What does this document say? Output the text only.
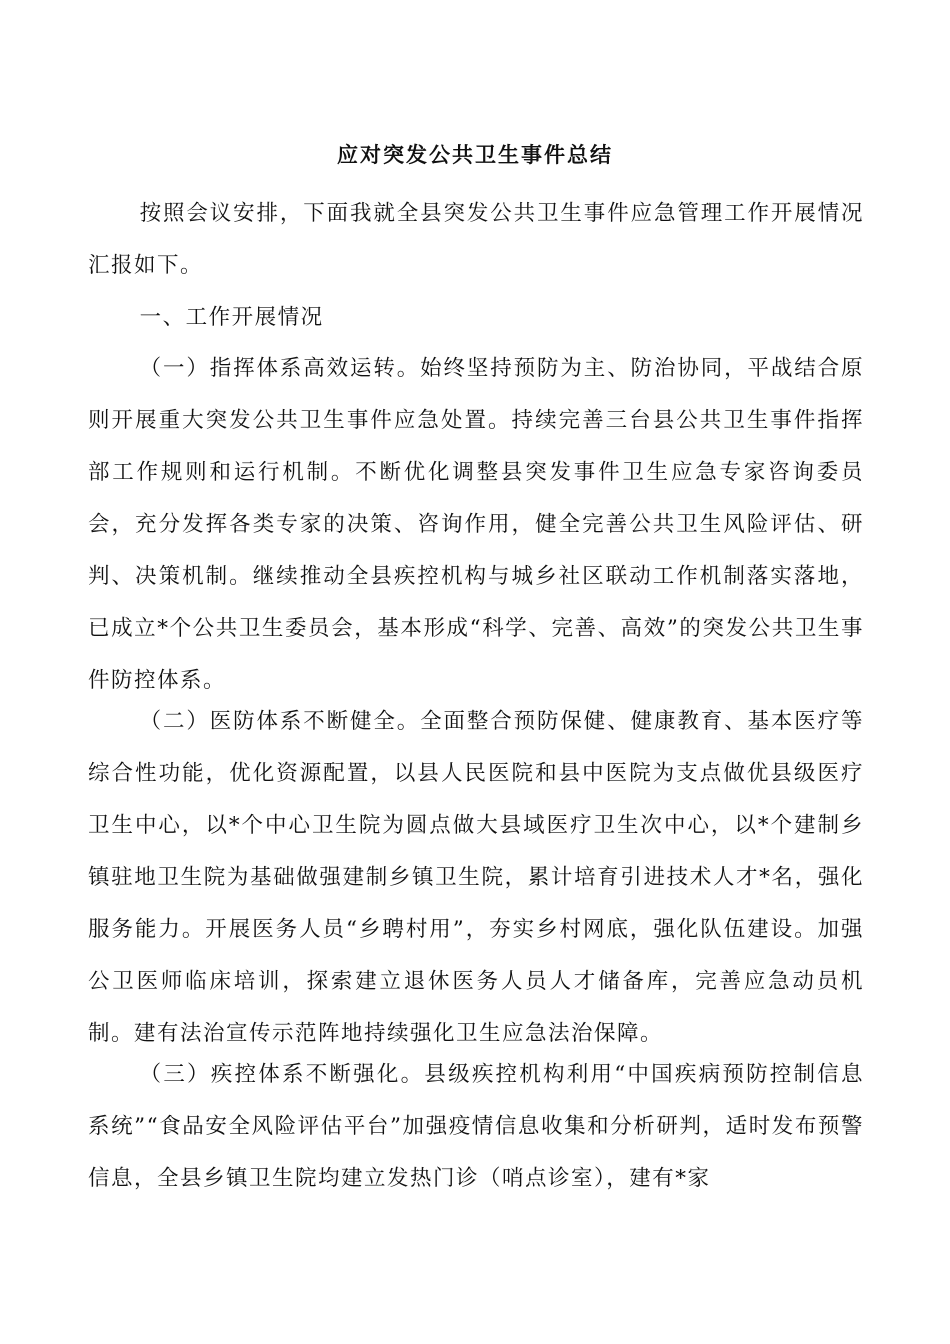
应对突发公共卫生事件总结

按照会议安排，下面我就全县突发公共卫生事件应急管理工作开展情况汇报如下。

一、工作开展情况

（一）指挥体系高效运转。始终坚持预防为主、防治协同，平战结合原则开展重大突发公共卫生事件应急处置。持续完善三台县公共卫生事件指挥部工作规则和运行机制。不断优化调整县突发事件卫生应急专家咨询委员会，充分发挥各类专家的决策、咨询作用，健全完善公共卫生风险评估、研判、决策机制。继续推动全县疾控机构与城乡社区联动工作机制落实落地，已成立*个公共卫生委员会，基本形成“科学、完善、高效”的突发公共卫生事件防控体系。

（二）医防体系不断健全。全面整合预防保健、健康教育、基本医疗等综合性功能，优化资源配置，以县人民医院和县中医院为支点做优县级医疗卫生中心，以*个中心卫生院为圆点做大县域医疗卫生次中心，以*个建制乡镇驻地卫生院为基础做强建制乡镇卫生院，累计培育引进技术人才*名，强化服务能力。开展医务人员“乡聘村用”，夯实乡村网底，强化队伍建设。加强公卫医师临床培训，探索建立退休医务人员人才储备库，完善应急动员机制。建有法治宣传示范阵地持续强化卫生应急法治保障。

（三）疾控体系不断强化。县级疾控机构利用“中国疾病预防控制信息系统”“食品安全风险评估平台”加强疫情信息收集和分析研判，适时发布预警信息，全县乡镇卫生院均建立发热门诊（哨点诊室），建有*家
